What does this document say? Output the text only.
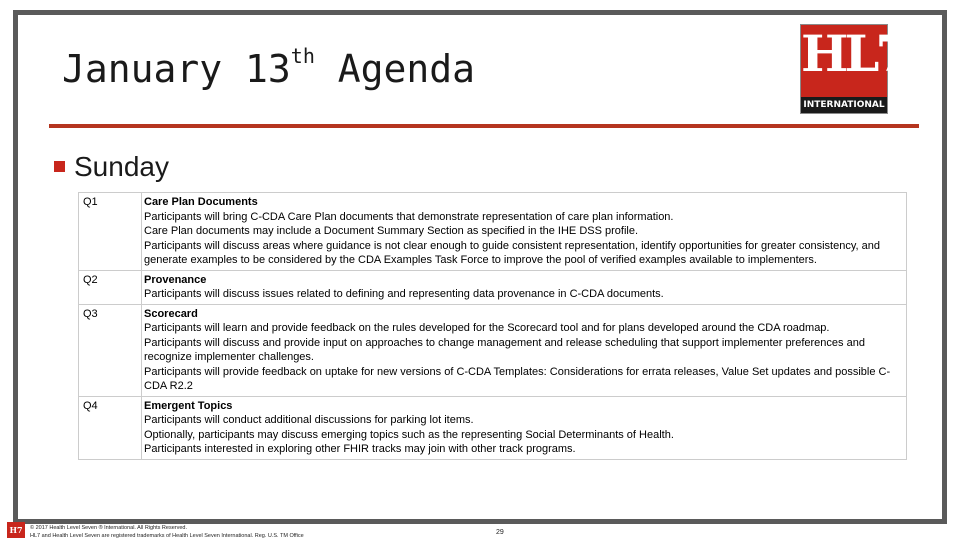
January 13th Agenda	HL7
INTERNATIONAL
Sunday
Q1	Care Plan Documents
Participants will bring C-CDA Care Plan documents that demonstrate representation of care plan information.
Care Plan documents may include a Document Summary Section as specified in the IHE DSS profile.
Participants will discuss areas where guidance is not clear enough to guide consistent representation, identify opportunities for greater consistency, and generate examples to be considered by the CDA Examples Task Force to improve the pool of verified examples available to implementers.

Q2	Provenance
Participants will discuss issues related to defining and representing data provenance in C-CDA documents.

Q3	Scorecard
Participants will learn and provide feedback on the rules developed for the Scorecard tool and for plans developed around the CDA roadmap.
Participants will discuss and provide input on approaches to change management and release scheduling that support implementer preferences and recognize implementer challenges.
Participants will provide feedback on uptake for new versions of C-CDA Templates: Considerations for errata releases, Value Set updates and possible C-CDA R2.2

Q4	Emergent Topics
Participants will conduct additional discussions for parking lot items.
Optionally, participants may discuss emerging topics such as the representing Social Determinants of Health.
Participants interested in exploring other FHIR tracks may join with other track programs.
H7	© 2017 Health Level Seven ® International. All Rights Reserved.
HL7 and Health Level Seven are registered trademarks of Health Level Seven International. Reg. U.S. TM Office	29
